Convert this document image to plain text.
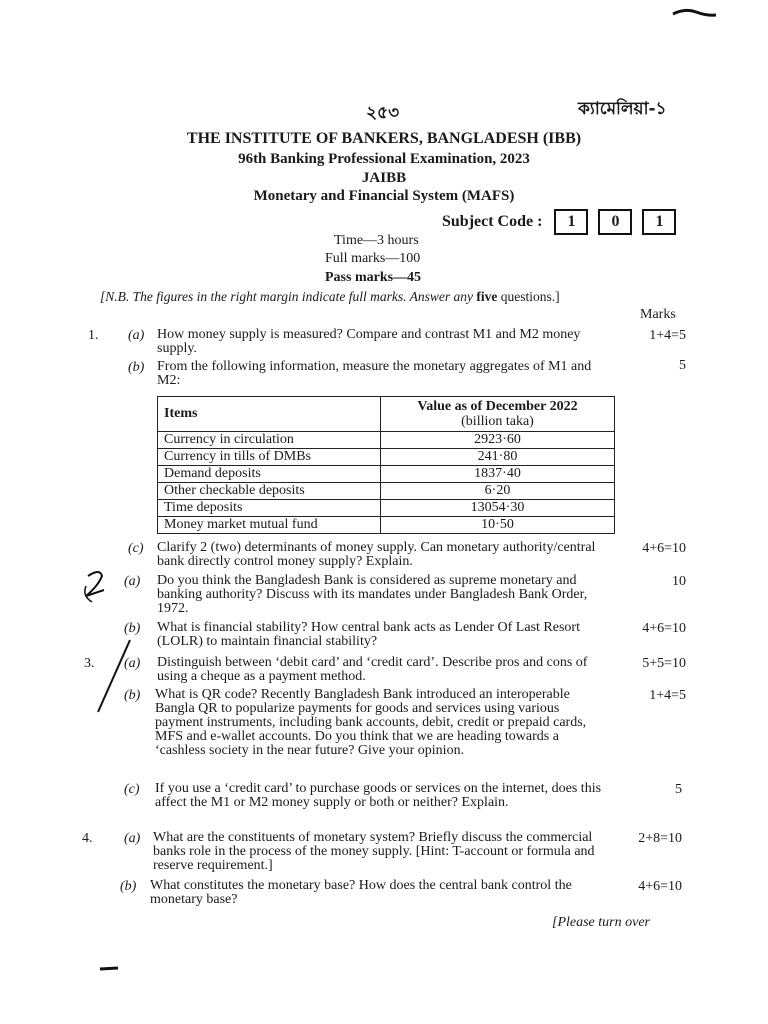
২৫৩	ক্যামেলিয়া-১
THE INSTITUTE OF BANKERS, BANGLADESH (IBB)
96th Banking Professional Examination, 2023
JAIBB
Monetary and Financial System (MAFS)
Subject Code : 1 0 1
Time—3 hours
Full marks—100
Pass marks—45
[N.B. The figures in the right margin indicate full marks. Answer any five questions.]
Marks
1. (a) How money supply is measured? Compare and contrast M1 and M2 money supply.
1+4=5
(b) From the following information, measure the monetary aggregates of M1 and M2:
5
Items	Value as of December 2022
(billion taka)

Currency in circulation	2923·60
Currency in tills of DMBs	241·80
Demand deposits	1837·40
Other checkable deposits	6·20
Time deposits	13054·30
Money market mutual fund	10·50
(c) Clarify 2 (two) determinants of money supply. Can monetary authority/central bank directly control money supply? Explain.
4+6=10
(a) Do you think the Bangladesh Bank is considered as supreme monetary and banking authority? Discuss with its mandates under Bangladesh Bank Order, 1972.
10
(b) What is financial stability? How central bank acts as Lender Of Last Resort (LOLR) to maintain financial stability?
4+6=10
3. (a) Distinguish between ‘debit card’ and ‘credit card’. Describe pros and cons of using a cheque as a payment method.
5+5=10
(b) What is QR code? Recently Bangladesh Bank introduced an interoperable Bangla QR to popularize payments for goods and services using various payment instruments, including bank accounts, debit, credit or prepaid cards, MFS and e-wallet accounts. Do you think that we are heading towards a ‘cashless society in the near future? Give your opinion.
1+4=5
(c) If you use a ‘credit card’ to purchase goods or services on the internet, does this affect the M1 or M2 money supply or both or neither? Explain.
5
4. (a) What are the constituents of monetary system? Briefly discuss the commercial banks role in the process of the money supply. [Hint: T-account or formula and reserve requirement.]
2+8=10
(b) What constitutes the monetary base? How does the central bank control the monetary base?
4+6=10
[Please turn over
